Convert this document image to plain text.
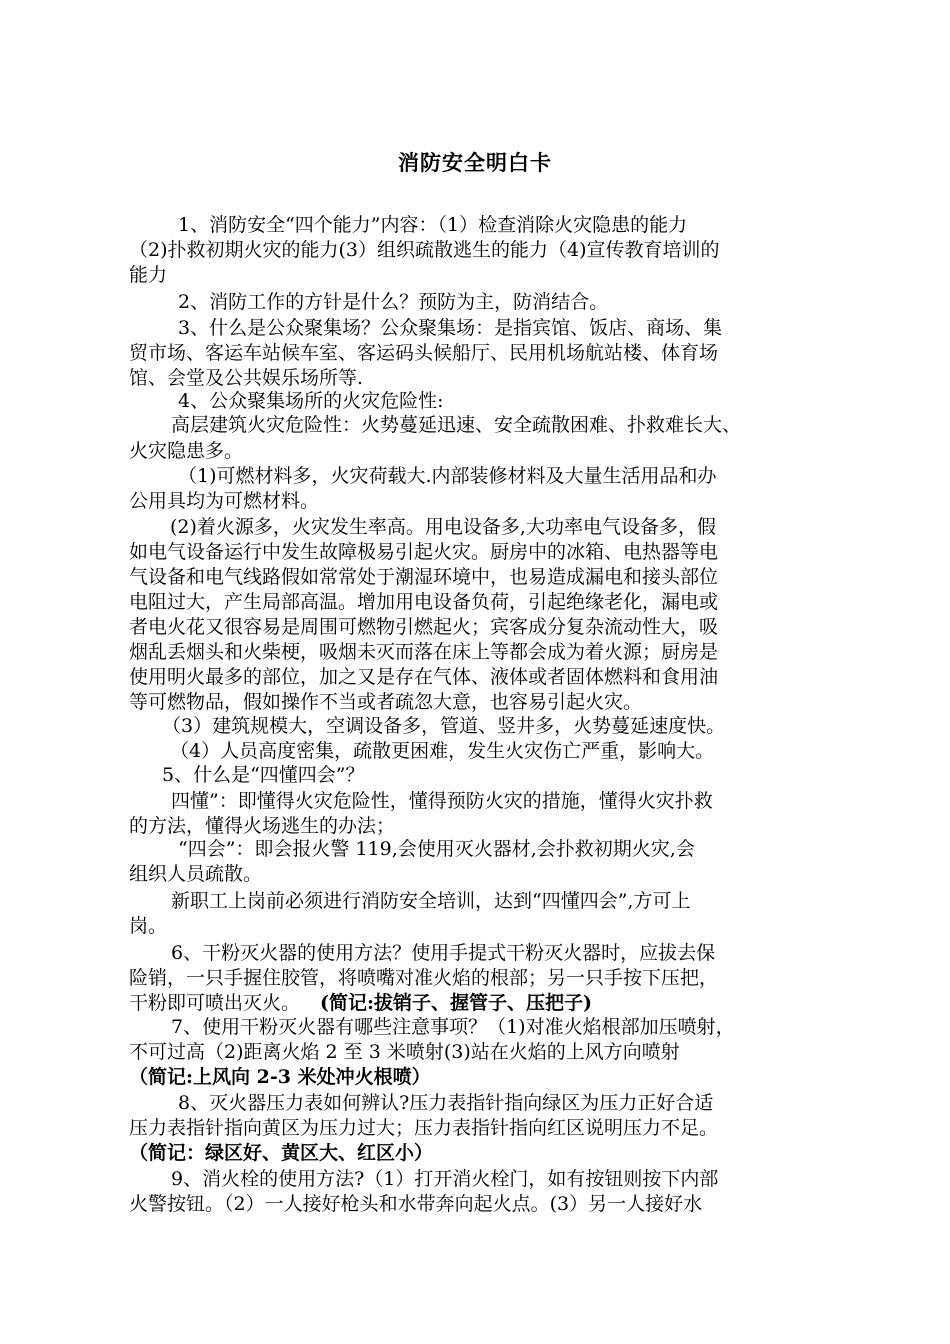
消防安全明白卡
1、消防安全“四个能力”内容：（1）检查消除火灾隐患的能力
（2)扑救初期火灾的能力(3）组织疏散逃生的能力（4)宣传教育培训的
能力
2、消防工作的方针是什么？预防为主，防消结合。
3、什么是公众聚集场？公众聚集场：是指宾馆、饭店、商场、集
贸市场、客运车站候车室、客运码头候船厅、民用机场航站楼、体育场
馆、会堂及公共娱乐场所等.
4、公众聚集场所的火灾危险性:
高层建筑火灾危险性：火势蔓延迅速、安全疏散困难、扑救难长大、
火灾隐患多。
（1)可燃材料多，火灾荷载大.内部装修材料及大量生活用品和办
公用具均为可燃材料。
(2)着火源多，火灾发生率高。用电设备多,大功率电气设备多，假
如电气设备运行中发生故障极易引起火灾。厨房中的冰箱、电热器等电
气设备和电气线路假如常常处于潮湿环境中，也易造成漏电和接头部位
电阻过大，产生局部高温。增加用电设备负荷，引起绝缘老化，漏电或
者电火花又很容易是周围可燃物引燃起火；宾客成分复杂流动性大，吸
烟乱丢烟头和火柴梗，吸烟未灭而落在床上等都会成为着火源；厨房是
使用明火最多的部位，加之又是存在气体、液体或者固体燃料和食用油
等可燃物品，假如操作不当或者疏忽大意，也容易引起火灾。
（3）建筑规模大，空调设备多，管道、竖井多，火势蔓延速度快。
（4）人员高度密集，疏散更困难，发生火灾伤亡严重，影响大。
5、什么是“四懂四会”？
四懂”：即懂得火灾危险性，懂得预防火灾的措施，懂得火灾扑救
的方法，懂得火场逃生的办法；
“四会”：即会报火警 119,会使用灭火器材,会扑救初期火灾,会
组织人员疏散。
新职工上岗前必须进行消防安全培训，达到“四懂四会”,方可上
岗。
6、干粉灭火器的使用方法？使用手提式干粉灭火器时，应拔去保
险销，一只手握住胶管，将喷嘴对准火焰的根部；另一只手按下压把，
干粉即可喷出灭火。 (简记:拔销子、握管子、压把子)
7、使用干粉灭火器有哪些注意事项？（1)对准火焰根部加压喷射，
不可过高（2)距离火焰 2 至 3 米喷射(3)站在火焰的上风方向喷射
（简记:上风向 2-3 米处冲火根喷）
8、灭火器压力表如何辨认?压力表指针指向绿区为压力正好合适
压力表指针指向黄区为压力过大；压力表指针指向红区说明压力不足。
（简记：绿区好、黄区大、红区小）
9、消火栓的使用方法?（1）打开消火栓门，如有按钮则按下内部
火警按钮。（2）一人接好枪头和水带奔向起火点。(3）另一人接好水
